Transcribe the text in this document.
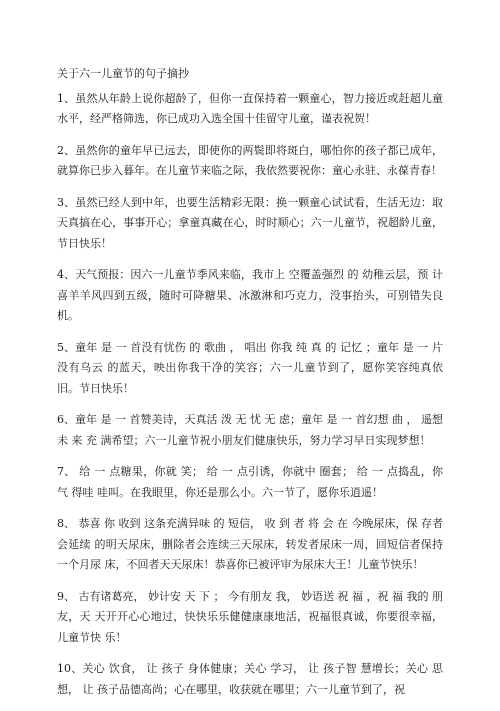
关于六一儿童节的句子摘抄

1、虽然从年龄上说你超龄了，但你一直保持着一颗童心，智力接近或赶超儿童水平，经严格筛选，你已成功入选全国十佳留守儿童，谨表祝贺！

2、虽然你的童年早已远去，即使你的两鬓即将斑白，哪怕你的孩子都已成年，就算你已步入暮年。在儿童节来临之际，我依然要祝你：童心永驻、永葆青春！

3、虽然已经人到中年，也要生活精彩无限：换一颗童心试试看，生活无边：取天真搞在心，事事开心；拿童真藏在心，时时顺心；六一儿童节，祝超龄儿童，节日快乐！

4、天气预报：因六一儿童节季风来临，我市上 空覆盖强烈 的 幼稚云层，预 计 喜羊羊风四到五级，随时可降糖果、冰激淋和巧克力，没事抬头，可别错失良机。

5、童年 是 一 首没有忧伤 的 歌曲 ， 唱出 你我 纯 真 的 记忆 ；童年 是 一 片没有乌云 的蓝天，映出你我干净的笑容；六一儿童节到了，愿你笑容纯真依旧。节日快乐！

6、童年 是 一 首赞美诗，天真活 泼 无 忧 无 虑；童年 是 一 首幻想 曲 ， 遥想未 来 充 满希望；六一儿童节祝小朋友们健康快乐，努力学习早日实现梦想！

7、 给 一 点糖果，你就 笑； 给 一 点引诱，你就中 圈套； 给 一 点捣乱，你气 得哇 哇叫。在我眼里，你还是那么小。六一节了，愿你乐逍遥！

8、 恭喜 你 收到 这条充满异味 的 短信， 收 到 者 将 会 在 今晚尿床，保 存者会延续 的明天尿床，删除者会连续三天尿床，转发者尿床一周，回短信者保持一个月尿 床，不回者天天尿床！恭喜你已被评审为尿床大王！儿童节快乐！

9、 古有诸葛亮， 妙计安 天 下 ； 今有朋友 我， 妙语送 祝 福 ，祝 福 我的 朋友，天 天开开心心地过，快快乐乐健健康康地活，祝福很真诚，你要很幸福，儿童节快 乐！

10、关心 饮食， 让 孩子 身体健康；关心 学习， 让 孩子智 慧增长；关心 思想， 让 孩子品德高尚；心在哪里，收获就在哪里；六一儿童节到了，祝
